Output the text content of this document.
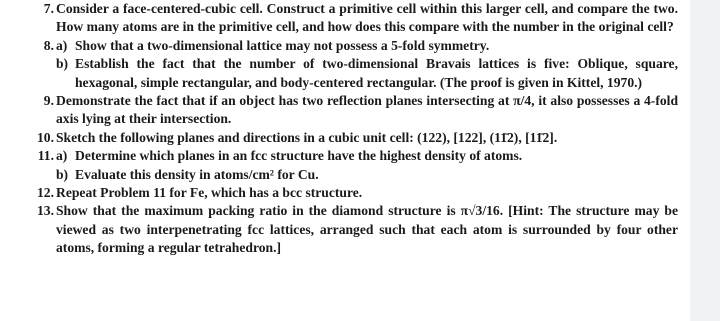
7. Consider a face-centered-cubic cell. Construct a primitive cell within this larger cell, and compare the two. How many atoms are in the primitive cell, and how does this compare with the number in the original cell?
8. a) Show that a two-dimensional lattice may not possess a 5-fold symmetry.
b) Establish the fact that the number of two-dimensional Bravais lattices is five: Oblique, square, hexagonal, simple rectangular, and body-centered rectangular. (The proof is given in Kittel, 1970.)
9. Demonstrate the fact that if an object has two reflection planes intersecting at π/4, it also possesses a 4-fold axis lying at their intersection.
10. Sketch the following planes and directions in a cubic unit cell: (122), [122], (11̄2), [11̄2].
11. a) Determine which planes in an fcc structure have the highest density of atoms.
b) Evaluate this density in atoms/cm² for Cu.
12. Repeat Problem 11 for Fe, which has a bcc structure.
13. Show that the maximum packing ratio in the diamond structure is π√3/16. [Hint: The structure may be viewed as two interpenetrating fcc lattices, arranged such that each atom is surrounded by four other atoms, forming a regular tetrahedron.]
